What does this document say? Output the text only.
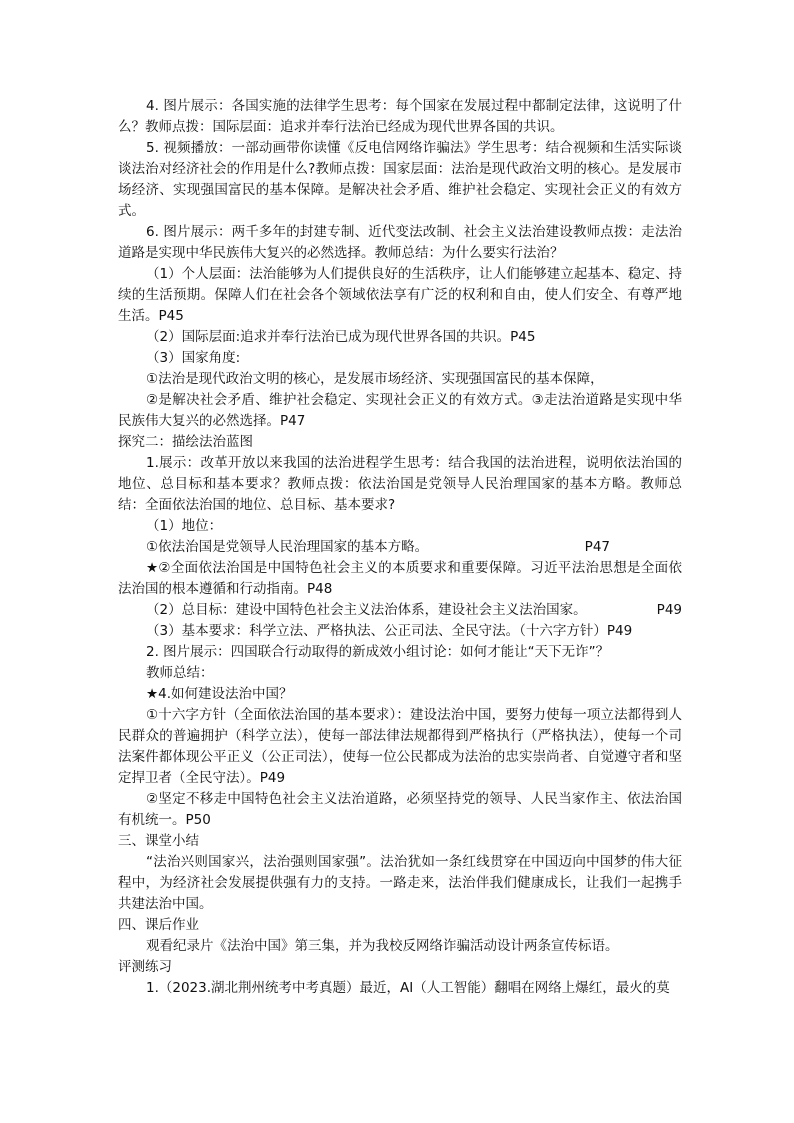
4. 图片展示：各国实施的法律学生思考：每个国家在发展过程中都制定法律，这说明了什么？教师点拨：国际层面：追求并奉行法治已经成为现代世界各国的共识。

5. 视频播放：一部动画带你读懂《反电信网络诈骗法》学生思考：结合视频和生活实际谈谈法治对经济社会的作用是什么?教师点拨：国家层面：法治是现代政治文明的核心。是发展市场经济、实现强国富民的基本保障。是解决社会矛盾、维护社会稳定、实现社会正义的有效方式。

6. 图片展示：两千多年的封建专制、近代变法改制、社会主义法治建设教师点拨：走法治道路是实现中华民族伟大复兴的必然选择。教师总结：为什么要实行法治？

（1）个人层面：法治能够为人们提供良好的生活秩序，让人们能够建立起基本、稳定、持续的生活预期。保障人们在社会各个领域依法享有广泛的权利和自由，使人们安全、有尊严地生活。P45

（2）国际层面:追求并奉行法治已成为现代世界各国的共识。P45

（3）国家角度:

①法治是现代政治文明的核心，是发展市场经济、实现强国富民的基本保障，

②是解决社会矛盾、维护社会稳定、实现社会正义的有效方式。③走法治道路是实现中华民族伟大复兴的必然选择。P47

探究二：描绘法治蓝图

1.展示：改革开放以来我国的法治进程学生思考：结合我国的法治进程，说明依法治国的地位、总目标和基本要求？教师点拨：依法治国是党领导人民治理国家的基本方略。教师总结：全面依法治国的地位、总目标、基本要求?

（1）地位：

①依法治国是党领导人民治理国家的基本方略。	P47

★②全面依法治国是中国特色社会主义的本质要求和重要保障。习近平法治思想是全面依法治国的根本遵循和行动指南。P48

（2）总目标：建设中国特色社会主义法治体系，建设社会主义法治国家。	P49

（3）基本要求：科学立法、严格执法、公正司法、全民守法。（十六字方针）P49

2. 图片展示：四国联合行动取得的新成效小组讨论：如何才能让“天下无诈”？

教师总结：

★4.如何建设法治中国？

①十六字方针（全面依法治国的基本要求）：建设法治中国，要努力使每一项立法都得到人民群众的普遍拥护（科学立法），使每一部法律法规都得到严格执行（严格执法），使每一个司法案件都体现公平正义（公正司法），使每一位公民都成为法治的忠实崇尚者、自觉遵守者和坚定捍卫者（全民守法）。P49

②坚定不移走中国特色社会主义法治道路，必须坚持党的领导、人民当家作主、依法治国有机统一。P50

三、课堂小结

“法治兴则国家兴，法治强则国家强”。法治犹如一条红线贯穿在中国迈向中国梦的伟大征程中，为经济社会发展提供强有力的支持。一路走来，法治伴我们健康成长，让我们一起携手共建法治中国。

四、课后作业

观看纪录片《法治中国》第三集，并为我校反网络诈骗活动设计两条宣传标语。

评测练习

1.（2023.湖北荆州统考中考真题）最近，AI（人工智能）翻唱在网络上爆红，最火的莫
